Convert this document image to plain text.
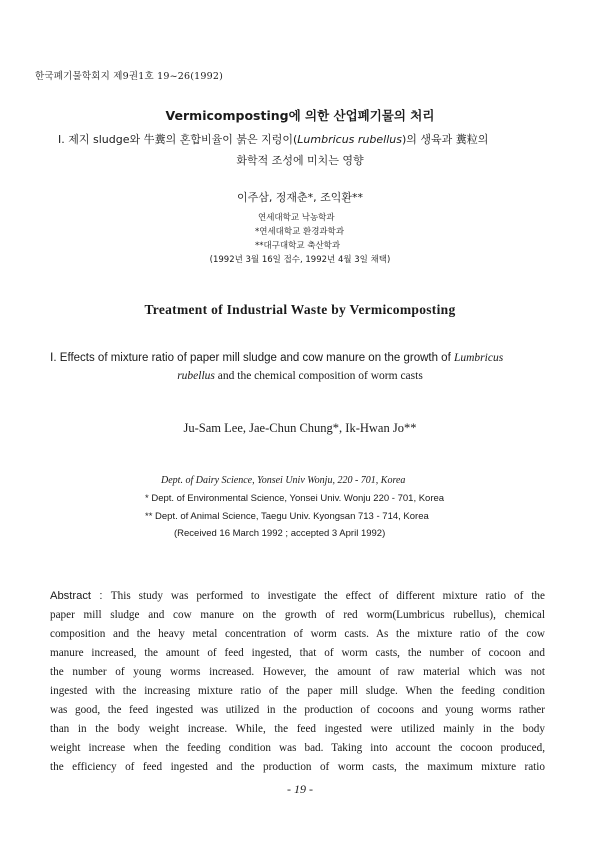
한국폐기물학회지 제9권1호 19~26(1992)
Vermicomposting에 의한 산업폐기물의 처리
Ⅰ. 제지 sludge와 牛糞의 혼합비율이 붉은 지렁이(Lumbricus rubellus)의 생육과 糞粒의
화학적 조성에 미치는 영향
이주삼, 정재춘*, 조익환**
연세대학교 낙농학과
*연세대학교 환경과학과
**대구대학교 축산학과
(1992년 3월 16일 접수, 1992년 4월 3일 채택)
Treatment of Industrial Waste by Vermicomposting
Ⅰ. Effects of mixture ratio of paper mill sludge and cow manure on the growth of Lumbricus
rubellus and the chemical composition of worm casts
Ju-Sam Lee, Jae-Chun Chung*, Ik-Hwan Jo**
Dept. of Dairy Science, Yonsei Univ Wonju, 220 - 701, Korea
* Dept. of Environmental Science, Yonsei Univ. Wonju 220 - 701, Korea
** Dept. of Animal Science, Taegu Univ. Kyongsan 713 - 714, Korea
(Received 16 March 1992 ; accepted 3 April 1992)
Abstract : This study was performed to investigate the effect of different mixture ratio of the
paper mill sludge and cow manure on the growth of red worm(Lumbricus rubellus), chemical
composition and the heavy metal concentration of worm casts. As the mixture ratio of the cow
manure increased, the amount of feed ingested, that of worm casts, the number of cocoon and
the number of young worms increased. However, the amount of raw material which was not
ingested with the increasing mixture ratio of the paper mill sludge. When the feeding condition
was good, the feed ingested was utilized in the production of cocoons and young worms rather
than in the body weight increase. While, the feed ingested were utilized mainly in the body
weight increase when the feeding condition was bad. Taking into account the cocoon produced,
the efficiency of feed ingested and the production of worm casts, the maximum mixture ratio
- 19 -
